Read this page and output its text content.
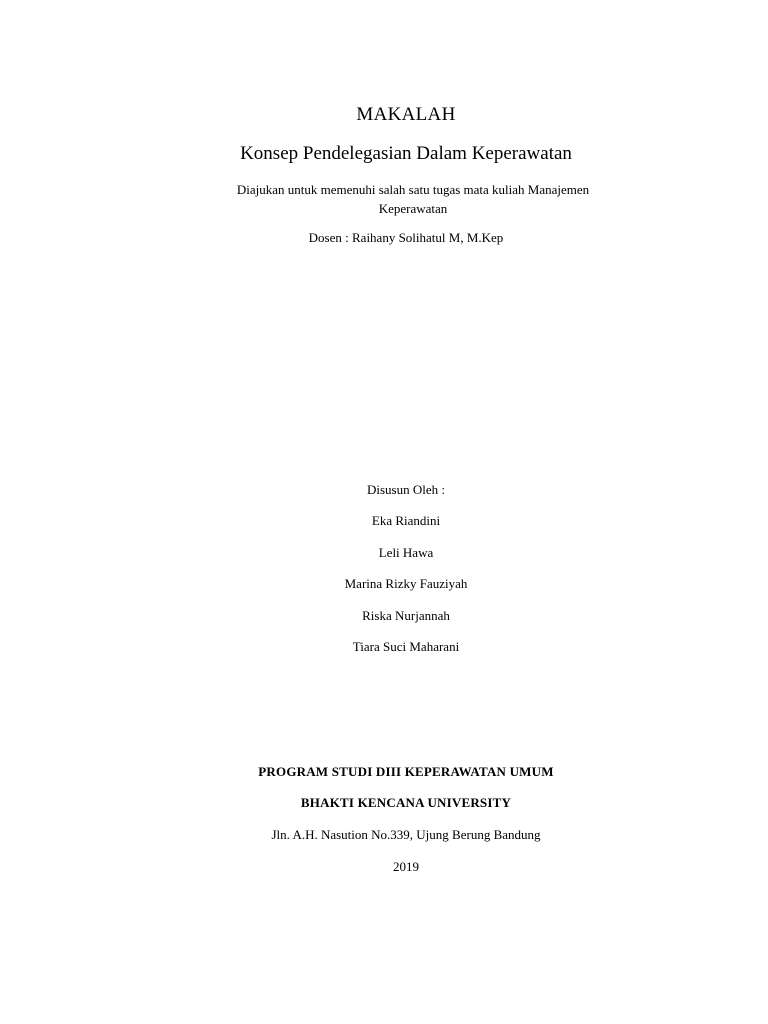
MAKALAH
Konsep Pendelegasian Dalam Keperawatan
Diajukan untuk memenuhi salah satu tugas mata kuliah Manajemen Keperawatan
Dosen : Raihany Solihatul M, M.Kep
Disusun Oleh :
Eka Riandini
Leli Hawa
Marina Rizky Fauziyah
Riska Nurjannah
Tiara Suci Maharani
PROGRAM STUDI DIII KEPERAWATAN UMUM
BHAKTI KENCANA UNIVERSITY
Jln. A.H. Nasution No.339, Ujung Berung Bandung
2019
